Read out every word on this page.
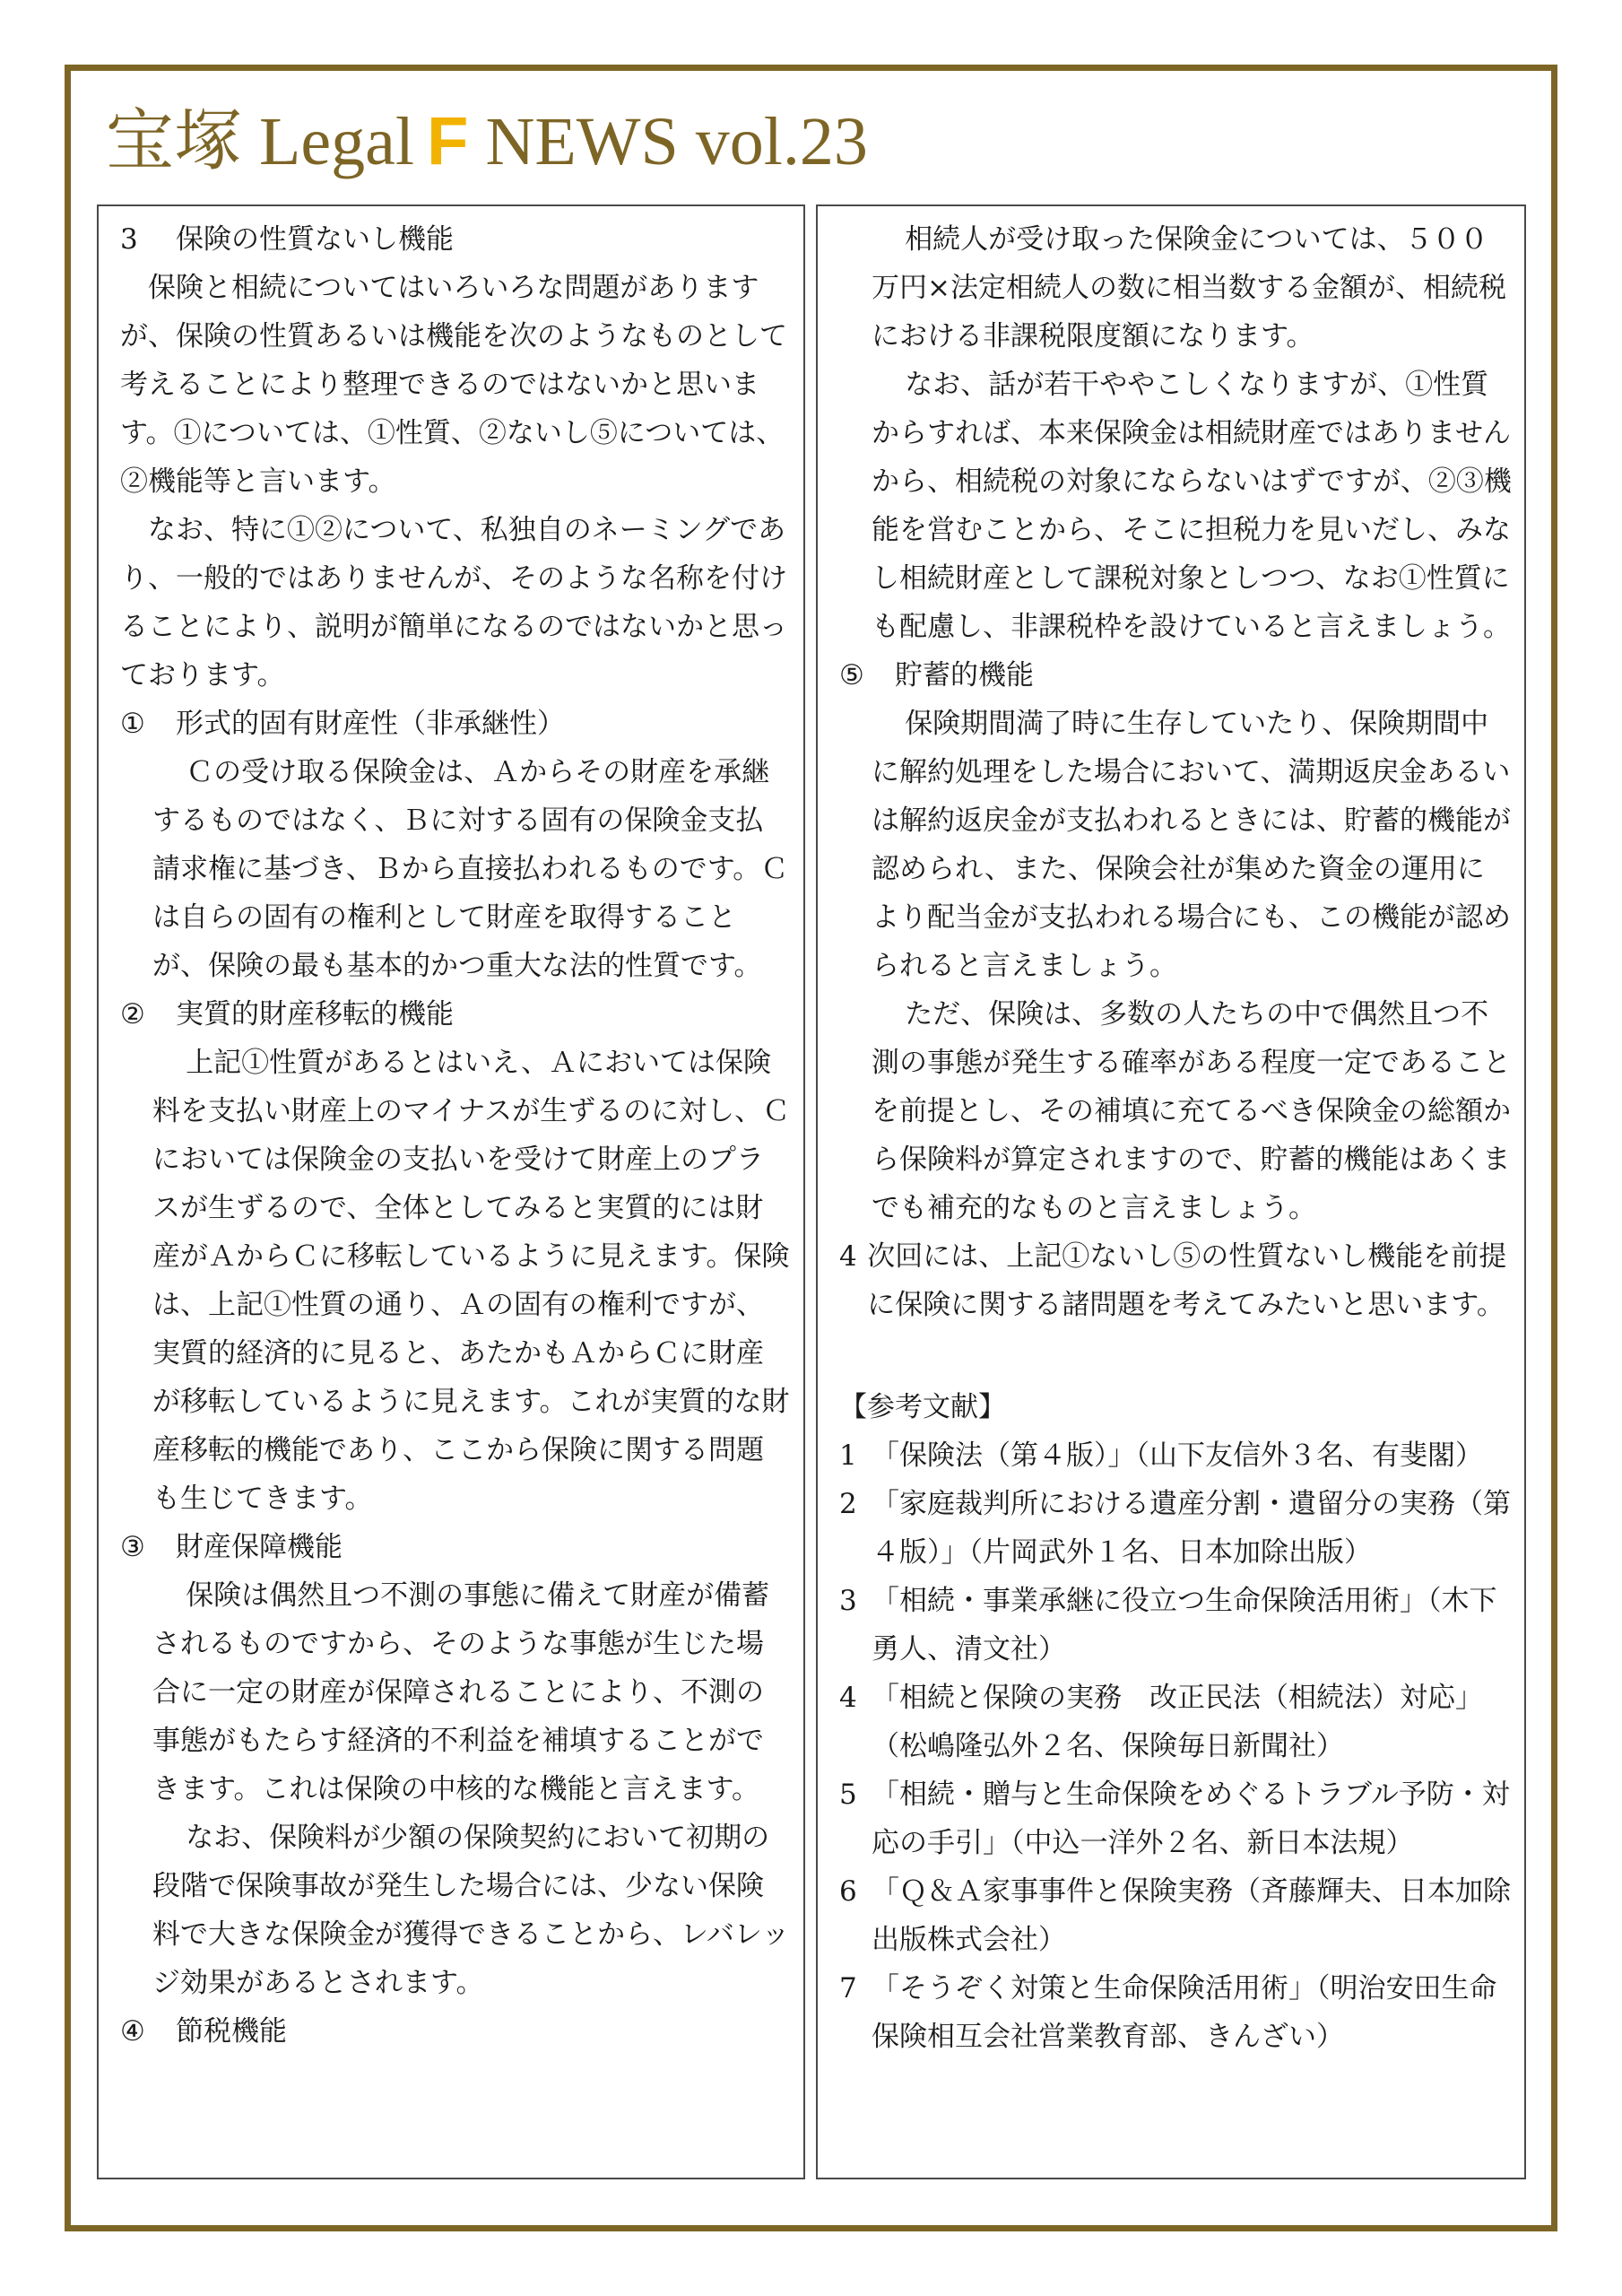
宝塚 Legal F NEWS vol.23

3	保険の性質ないし機能

保険と相続についてはいろいろな問題がありますが、保険の性質あるいは機能を次のようなものとして考えることにより整理できるのではないかと思います。①については、①性質、②ないし⑤については、②機能等と言います。

なお、特に①②について、私独自のネーミングであり、一般的ではありませんが、そのような名称を付けることにより、説明が簡単になるのではないかと思っております。

①	形式的固有財産性（非承継性）

Ｃの受け取る保険金は、Ａからその財産を承継するものではなく、Ｂに対する固有の保険金支払請求権に基づき、Ｂから直接払われるものです。Ｃは自らの固有の権利として財産を取得することが、保険の最も基本的かつ重大な法的性質です。

②	実質的財産移転的機能

上記①性質があるとはいえ、Ａにおいては保険料を支払い財産上のマイナスが生ずるのに対し、Ｃにおいては保険金の支払いを受けて財産上のプラスが生ずるので、全体としてみると実質的には財産がＡからＣに移転しているように見えます。保険は、上記①性質の通り、Ａの固有の権利ですが、実質的経済的に見ると、あたかもＡからＣに財産が移転しているように見えます。これが実質的な財産移転的機能であり、ここから保険に関する問題も生じてきます。

③	財産保障機能

保険は偶然且つ不測の事態に備えて財産が備蓄されるものですから、そのような事態が生じた場合に一定の財産が保障されることにより、不測の事態がもたらす経済的不利益を補填することができます。これは保険の中核的な機能と言えます。

なお、保険料が少額の保険契約において初期の段階で保険事故が発生した場合には、少ない保険料で大きな保険金が獲得できることから、レバレッジ効果があるとされます。

④	節税機能

相続人が受け取った保険金については、５００万円×法定相続人の数に相当数する金額が、相続税における非課税限度額になります。

なお、話が若干ややこしくなりますが、①性質からすれば、本来保険金は相続財産ではありませんから、相続税の対象にならないはずですが、②③機能を営むことから、そこに担税力を見いだし、みなし相続財産として課税対象としつつ、なお①性質にも配慮し、非課税枠を設けていると言えましょう。

⑤	貯蓄的機能

保険期間満了時に生存していたり、保険期間中に解約処理をした場合において、満期返戻金あるいは解約返戻金が支払われるときには、貯蓄的機能が認められ、また、保険会社が集めた資金の運用により配当金が支払われる場合にも、この機能が認められると言えましょう。

ただ、保険は、多数の人たちの中で偶然且つ不測の事態が発生する確率がある程度一定であることを前提とし、その補填に充てるべき保険金の総額から保険料が算定されますので、貯蓄的機能はあくまでも補充的なものと言えましょう。

4 次回には、上記①ないし⑤の性質ないし機能を前提に保険に関する諸問題を考えてみたいと思います。

【参考文献】

1 「保険法（第４版）」（山下友信外３名、有斐閣）
2 「家庭裁判所における遺産分割・遺留分の実務（第４版）」（片岡武外１名、日本加除出版）
3 「相続・事業承継に役立つ生命保険活用術」（木下勇人、清文社）
4 「相続と保険の実務　改正民法（相続法）対応」（松嶋隆弘外２名、保険毎日新聞社）
5 「相続・贈与と生命保険をめぐるトラブル予防・対応の手引」（中込一洋外２名、新日本法規）
6 「Ｑ＆Ａ家事事件と保険実務（斉藤輝夫、日本加除出版株式会社）
7 「そうぞく対策と生命保険活用術」（明治安田生命保険相互会社営業教育部、きんざい）
